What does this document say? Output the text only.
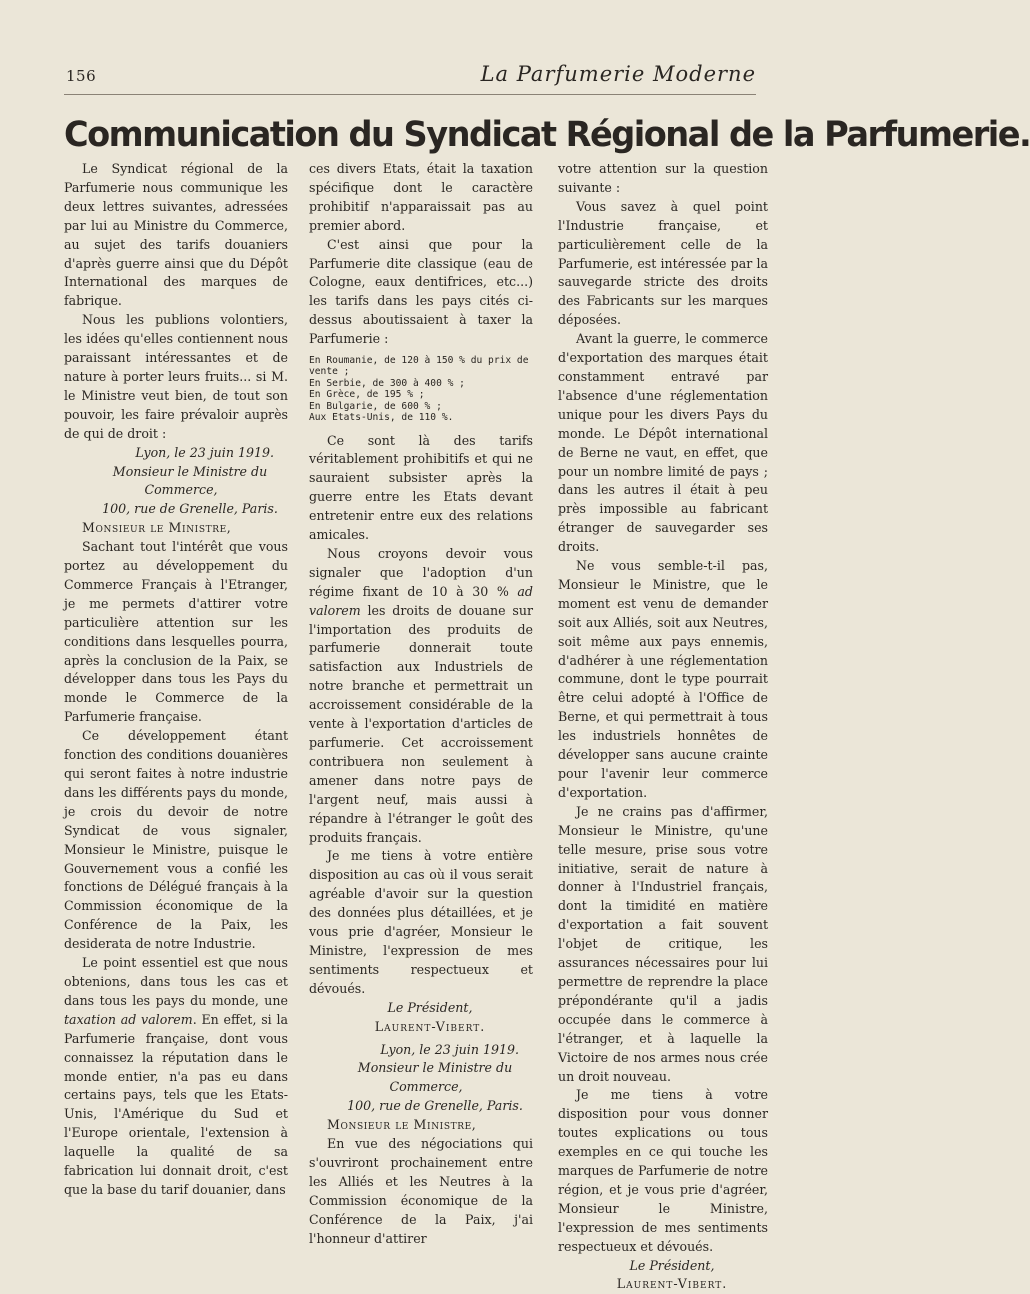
156	La Parfumerie Moderne
Communication du Syndicat Régional de la Parfumerie.

Le Syndicat régional de la Parfumerie nous communique les deux lettres suivantes, adressées par lui au Ministre du Commerce, au sujet des tarifs douaniers d'après guerre ainsi que du Dépôt International des marques de fabrique.

Nous les publions volontiers, les idées qu'elles contiennent nous paraissant intéressantes et de nature à porter leurs fruits... si M. le Ministre veut bien, de tout son pouvoir, les faire prévaloir auprès de qui de droit :

Lyon, le 23 juin 1919.

Monsieur le Ministre du Commerce,

100, rue de Grenelle, Paris.

Monsieur le Ministre,

Sachant tout l'intérêt que vous portez au développement du Commerce Français à l'Etranger, je me permets d'attirer votre particulière attention sur les conditions dans lesquelles pourra, après la conclusion de la Paix, se développer dans tous les Pays du monde le Commerce de la Parfumerie française.

Ce développement étant fonction des conditions douanières qui seront faites à notre industrie dans les différents pays du monde, je crois du devoir de notre Syndicat de vous signaler, Monsieur le Ministre, puisque le Gouvernement vous a confié les fonctions de Délégué français à la Commission économique de la Conférence de la Paix, les desiderata de notre Industrie.

Le point essentiel est que nous obtenions, dans tous les cas et dans tous les pays du monde, une taxation ad valorem. En effet, si la Parfumerie française, dont vous connaissez la réputation dans le monde entier, n'a pas eu dans certains pays, tels que les Etats-Unis, l'Amérique du Sud et l'Europe orientale, l'extension à laquelle la qualité de sa fabrication lui donnait droit, c'est que la base du tarif douanier, dans

ces divers Etats, était la taxation spécifique dont le caractère prohibitif n'apparaissait pas au premier abord.

C'est ainsi que pour la Parfumerie dite classique (eau de Cologne, eaux dentifrices, etc...) les tarifs dans les pays cités ci-dessus aboutissaient à taxer la Parfumerie :

En Roumanie, de 120 à 150 % du prix de vente ;
En Serbie, de 300 à 400 % ;
En Grèce, de 195 % ;
En Bulgarie, de 600 % ;
Aux Etats-Unis, de 110 %.

Ce sont là des tarifs véritablement prohibitifs et qui ne sauraient subsister après la guerre entre les Etats devant entretenir entre eux des relations amicales.

Nous croyons devoir vous signaler que l'adoption d'un régime fixant de 10 à 30 % ad valorem les droits de douane sur l'importation des produits de parfumerie donnerait toute satisfaction aux Industriels de notre branche et permettrait un accroissement considérable de la vente à l'exportation d'articles de parfumerie. Cet accroissement contribuera non seulement à amener dans notre pays de l'argent neuf, mais aussi à répandre à l'étranger le goût des produits français.

Je me tiens à votre entière disposition au cas où il vous serait agréable d'avoir sur la question des données plus détaillées, et je vous prie d'agréer, Monsieur le Ministre, l'expression de mes sentiments respectueux et dévoués.

Le Président,

Laurent-Vibert.

Lyon, le 23 juin 1919.

Monsieur le Ministre du Commerce,

100, rue de Grenelle, Paris.

Monsieur le Ministre,

En vue des négociations qui s'ouvriront prochainement entre les Alliés et les Neutres à la Commission économique de la Conférence de la Paix, j'ai l'honneur d'attirer

votre attention sur la question suivante :

Vous savez à quel point l'Industrie française, et particulièrement celle de la Parfumerie, est intéressée par la sauvegarde stricte des droits des Fabricants sur les marques déposées.

Avant la guerre, le commerce d'exportation des marques était constamment entravé par l'absence d'une réglementation unique pour les divers Pays du monde. Le Dépôt international de Berne ne vaut, en effet, que pour un nombre limité de pays ; dans les autres il était à peu près impossible au fabricant étranger de sauvegarder ses droits.

Ne vous semble-t-il pas, Monsieur le Ministre, que le moment est venu de demander soit aux Alliés, soit aux Neutres, soit même aux pays ennemis, d'adhérer à une réglementation commune, dont le type pourrait être celui adopté à l'Office de Berne, et qui permettrait à tous les industriels honnêtes de développer sans aucune crainte pour l'avenir leur commerce d'exportation.

Je ne crains pas d'affirmer, Monsieur le Ministre, qu'une telle mesure, prise sous votre initiative, serait de nature à donner à l'Industriel français, dont la timidité en matière d'exportation a fait souvent l'objet de critique, les assurances nécessaires pour lui permettre de reprendre la place prépondérante qu'il a jadis occupée dans le commerce à l'étranger, et à laquelle la Victoire de nos armes nous crée un droit nouveau.

Je me tiens à votre disposition pour vous donner toutes explications ou tous exemples en ce qui touche les marques de Parfumerie de notre région, et je vous prie d'agréer, Monsieur le Ministre, l'expression de mes sentiments respectueux et dévoués.

Le Président,

Laurent-Vibert.
